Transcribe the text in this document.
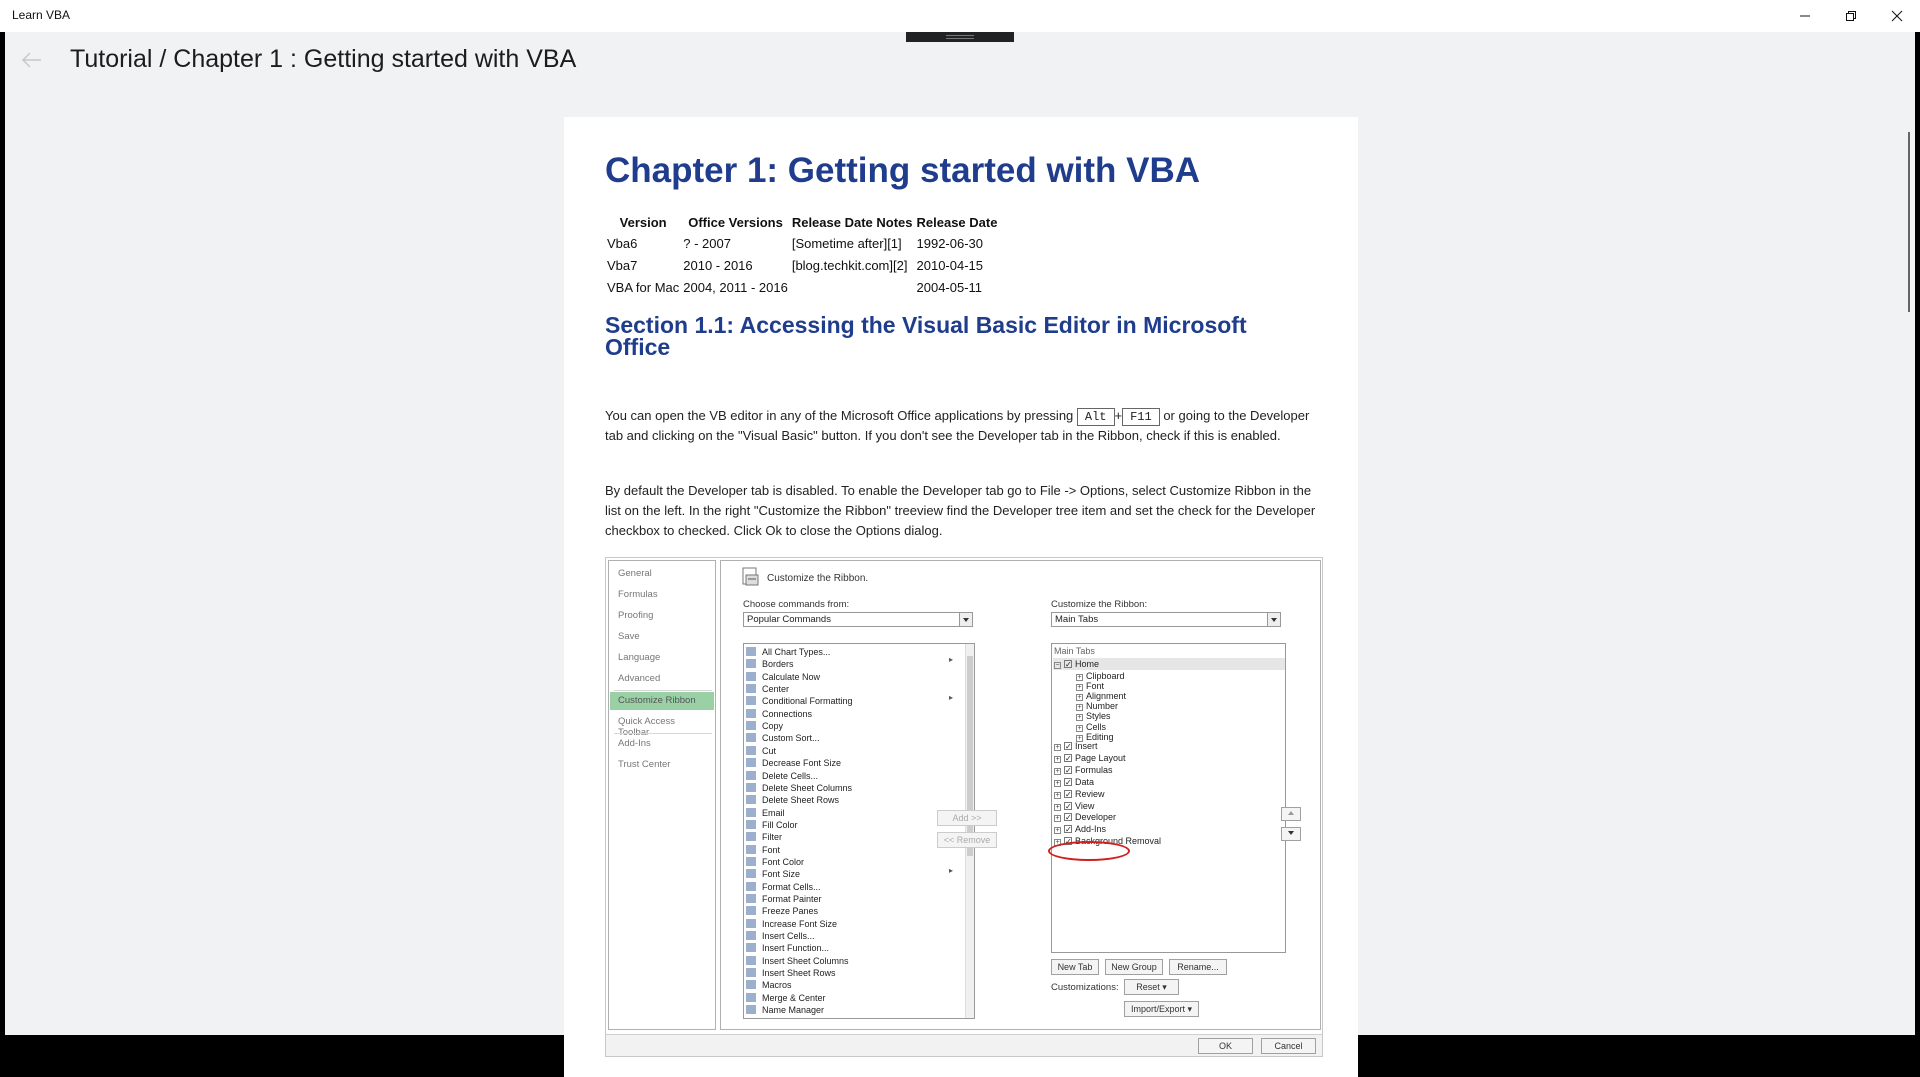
Learn VBA
Tutorial / Chapter 1 : Getting started with VBA
Chapter 1: Getting started with VBA
Version	Office Versions	Release Date Notes	Release Date
Vba6	? - 2007	[Sometime after][1]	1992-06-30
Vba7	2010 - 2016	[blog.techkit.com][2]	2010-04-15
VBA for Mac	2004, 2011 - 2016		2004-05-11
Section 1.1: Accessing the Visual Basic Editor in Microsoft Office
You can open the VB editor in any of the Microsoft Office applications by pressing Alt + F11 or going to the Developer tab and clicking on the "Visual Basic" button. If you don't see the Developer tab in the Ribbon, check if this is enabled.
By default the Developer tab is disabled. To enable the Developer tab go to File -> Options, select Customize Ribbon in the list on the left. In the right "Customize the Ribbon" treeview find the Developer tree item and set the check for the Developer checkbox to checked. Click Ok to close the Options dialog.
General
Formulas
Proofing
Save
Language
Advanced
Customize Ribbon
Quick Access
Add-Ins
Trust Center
Customize the Ribbon.
Choose commands from:
Popular Commands
Customize the Ribbon:
Main Tabs
All Chart Types...
Borders
Calculate Now
Center
Conditional Formatting
Connections
Copy
Custom Sort...
Cut
Decrease Font Size
Delete Cells...
Delete Sheet Columns
Delete Sheet Rows
Email
Fill Color
Filter
Font
Font Color
Font Size
Format Cells...
Format Painter
Freeze Panes
Increase Font Size
Insert Cells...
Insert Function...
Insert Sheet Columns
Insert Sheet Rows
Macros
Merge & Center
Name Manager
▸
▸
▸
Add >>
<< Remove
Main Tabs
− ✓ Home
+ Clipboard
+ Font
+ Alignment
+ Number
+ Styles
+ Cells
+ Editing
+ ✓ Insert
+ ✓ Page Layout
+ ✓ Formulas
+ ✓ Data
+ ✓ Review
+ ✓ View
+ ✓ Developer
+ ✓ Add-Ins
+ ✓ Background Removal
New Tab	New Group	Rename...
Customizations:	Reset ▾
Import/Export ▾
OK	Cancel
